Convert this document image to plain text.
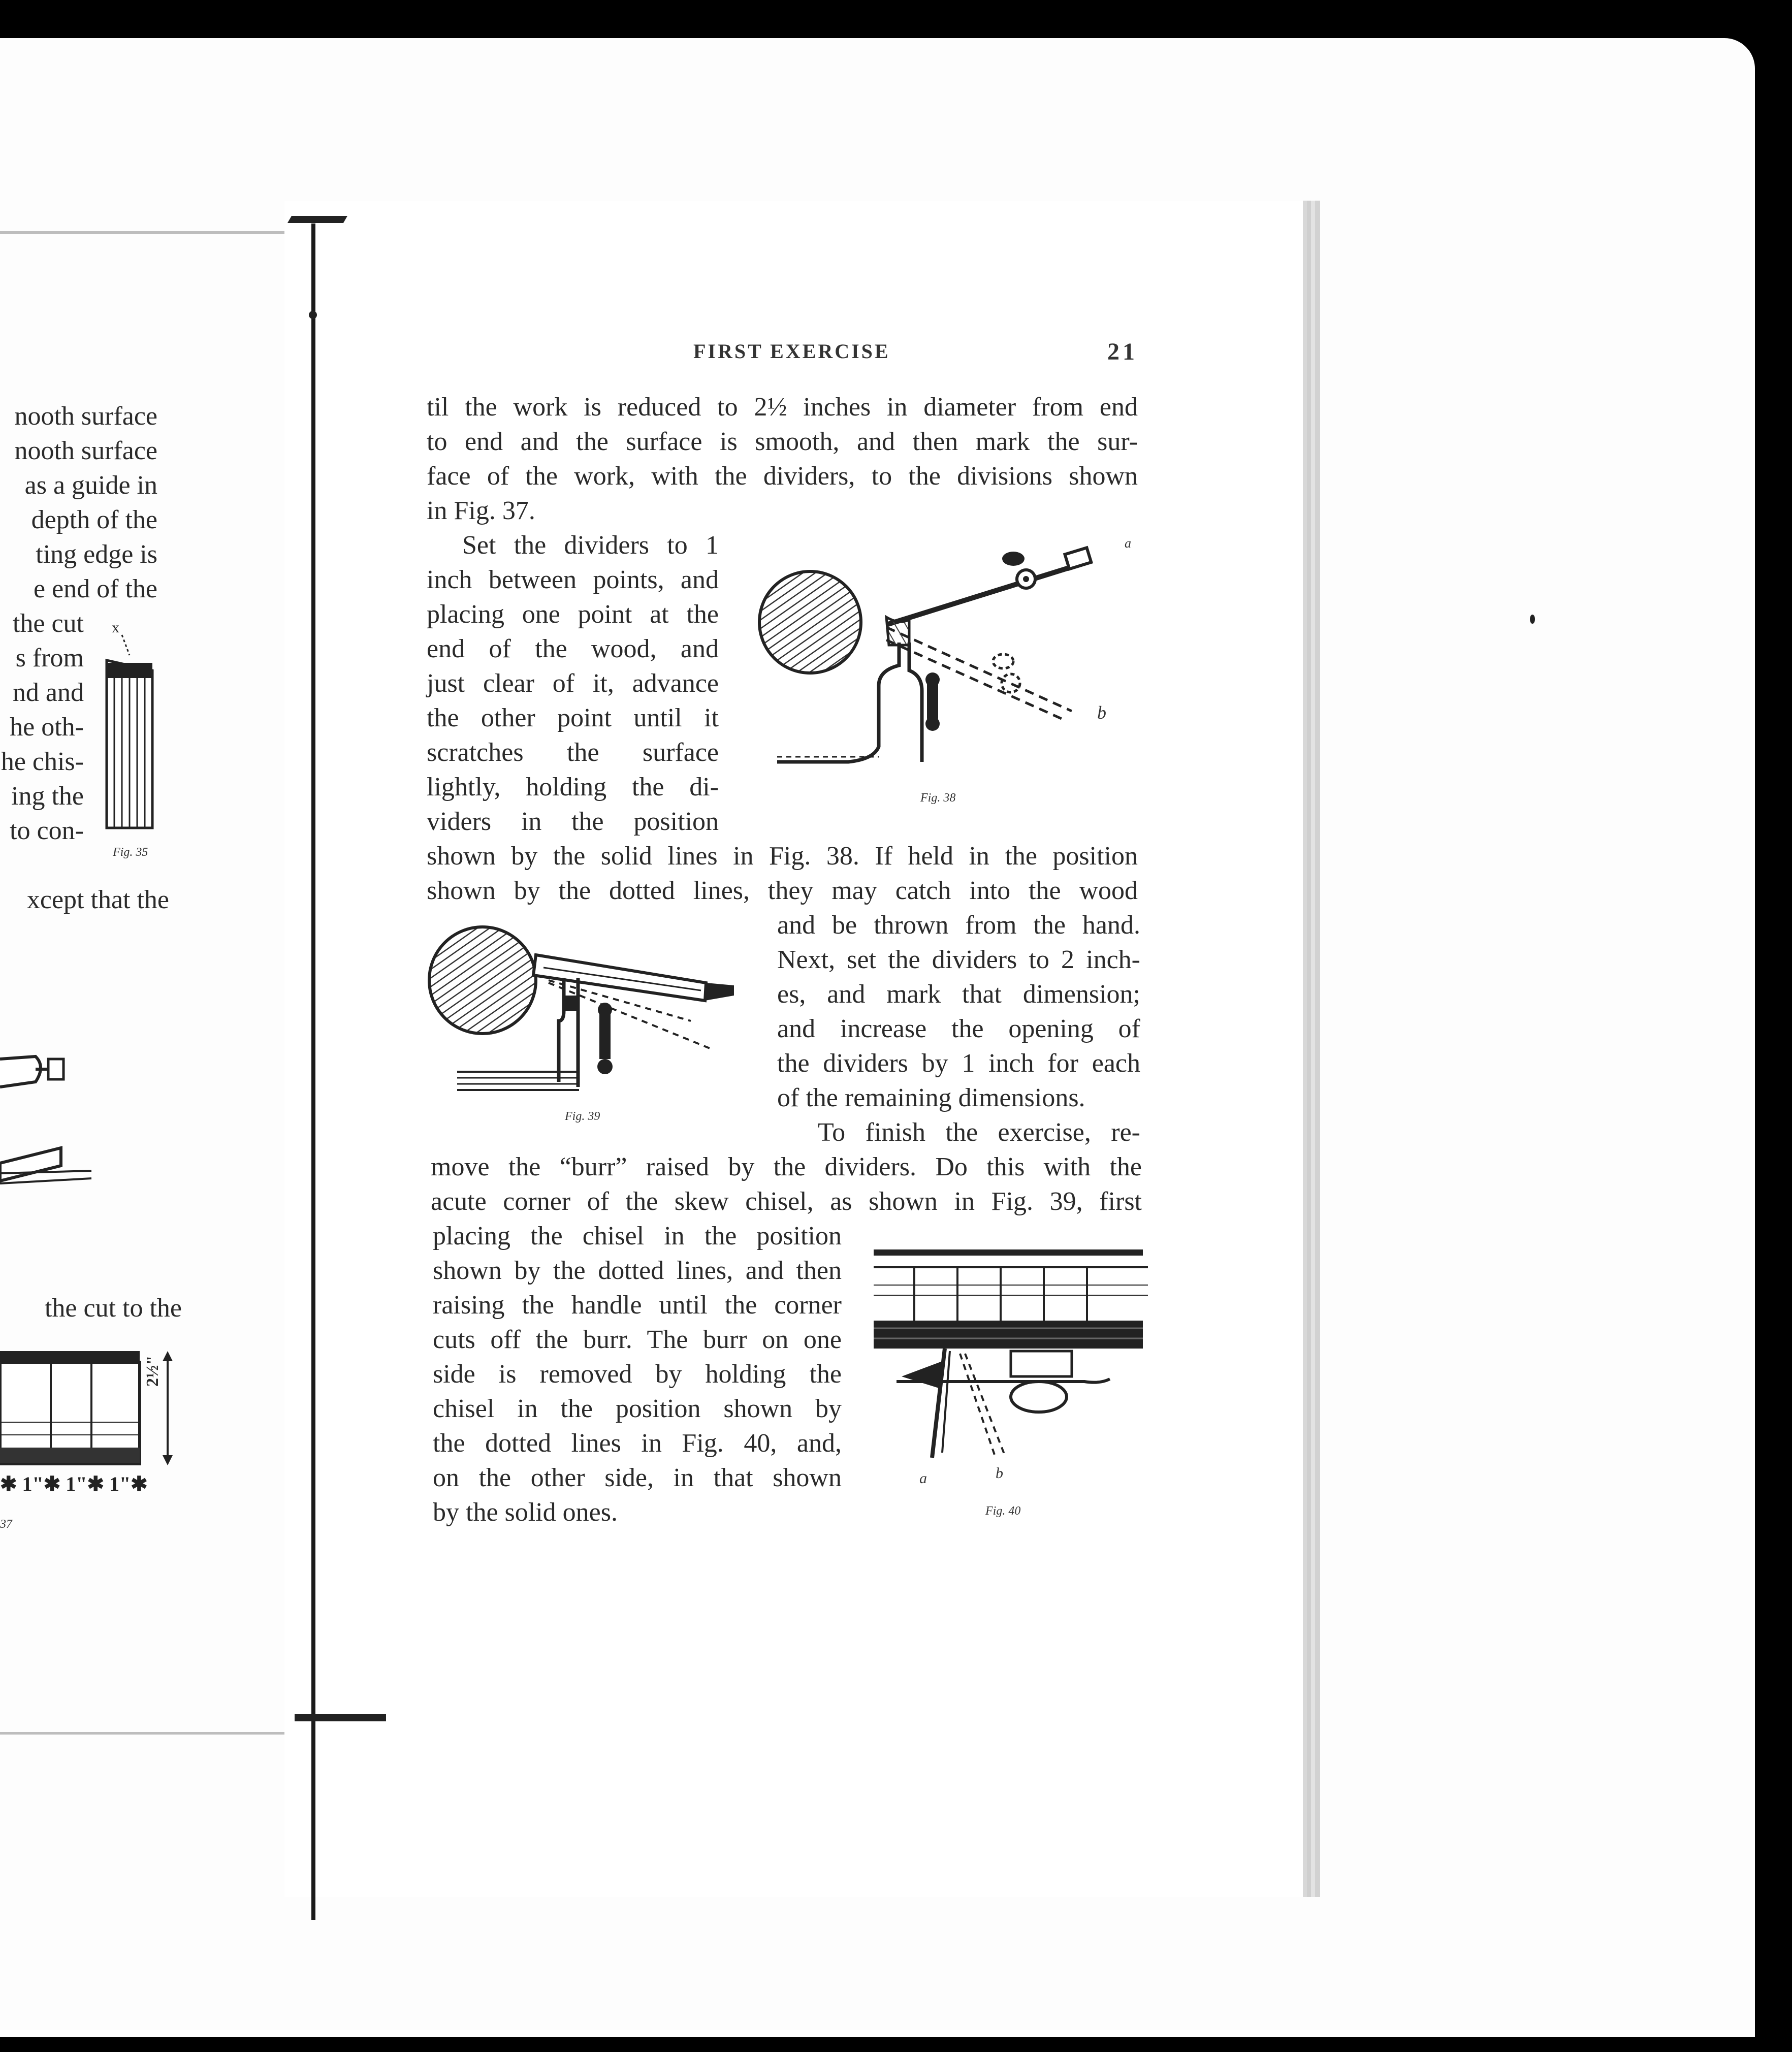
FIRST EXERCISE	21
til the work is reduced to 2½ inches in diameter from end
to end and the surface is smooth, and then mark the sur-
face of the work, with the dividers, to the divisions shown
in Fig. 37.
Set the dividers to 1
inch between points, and
placing one point at the
end of the wood, and
just clear of it, advance
the other point until it
scratches the surface
lightly, holding the di-
viders in the position
shown by the solid lines in Fig. 38. If held in the position
shown by the dotted lines, they may catch into the wood
and be thrown from the hand.
Next, set the dividers to 2 inch-
es, and mark that dimension;
and increase the opening of
the dividers by 1 inch for each
of the remaining dimensions.
To finish the exercise, re-
move the “burr” raised by the dividers. Do this with the
acute corner of the skew chisel, as shown in Fig. 39, first
placing the chisel in the position
shown by the dotted lines, and then
raising the handle until the corner
cuts off the burr. The burr on one
side is removed by holding the
chisel in the position shown by
the dotted lines in Fig. 40, and,
on the other side, in that shown
by the solid ones.
a
b
Fig. 38
Fig. 39
a	b
Fig. 40
nooth surface
nooth surface
as a guide in
depth of the
ting edge is
e end of the
the cut
s from
nd and
he oth-
he chis-
ing the
to con-
xcept that the
x
Fig. 35
the cut to the
✱ 1"✱ 1"✱ 1"✱
2½"
37
